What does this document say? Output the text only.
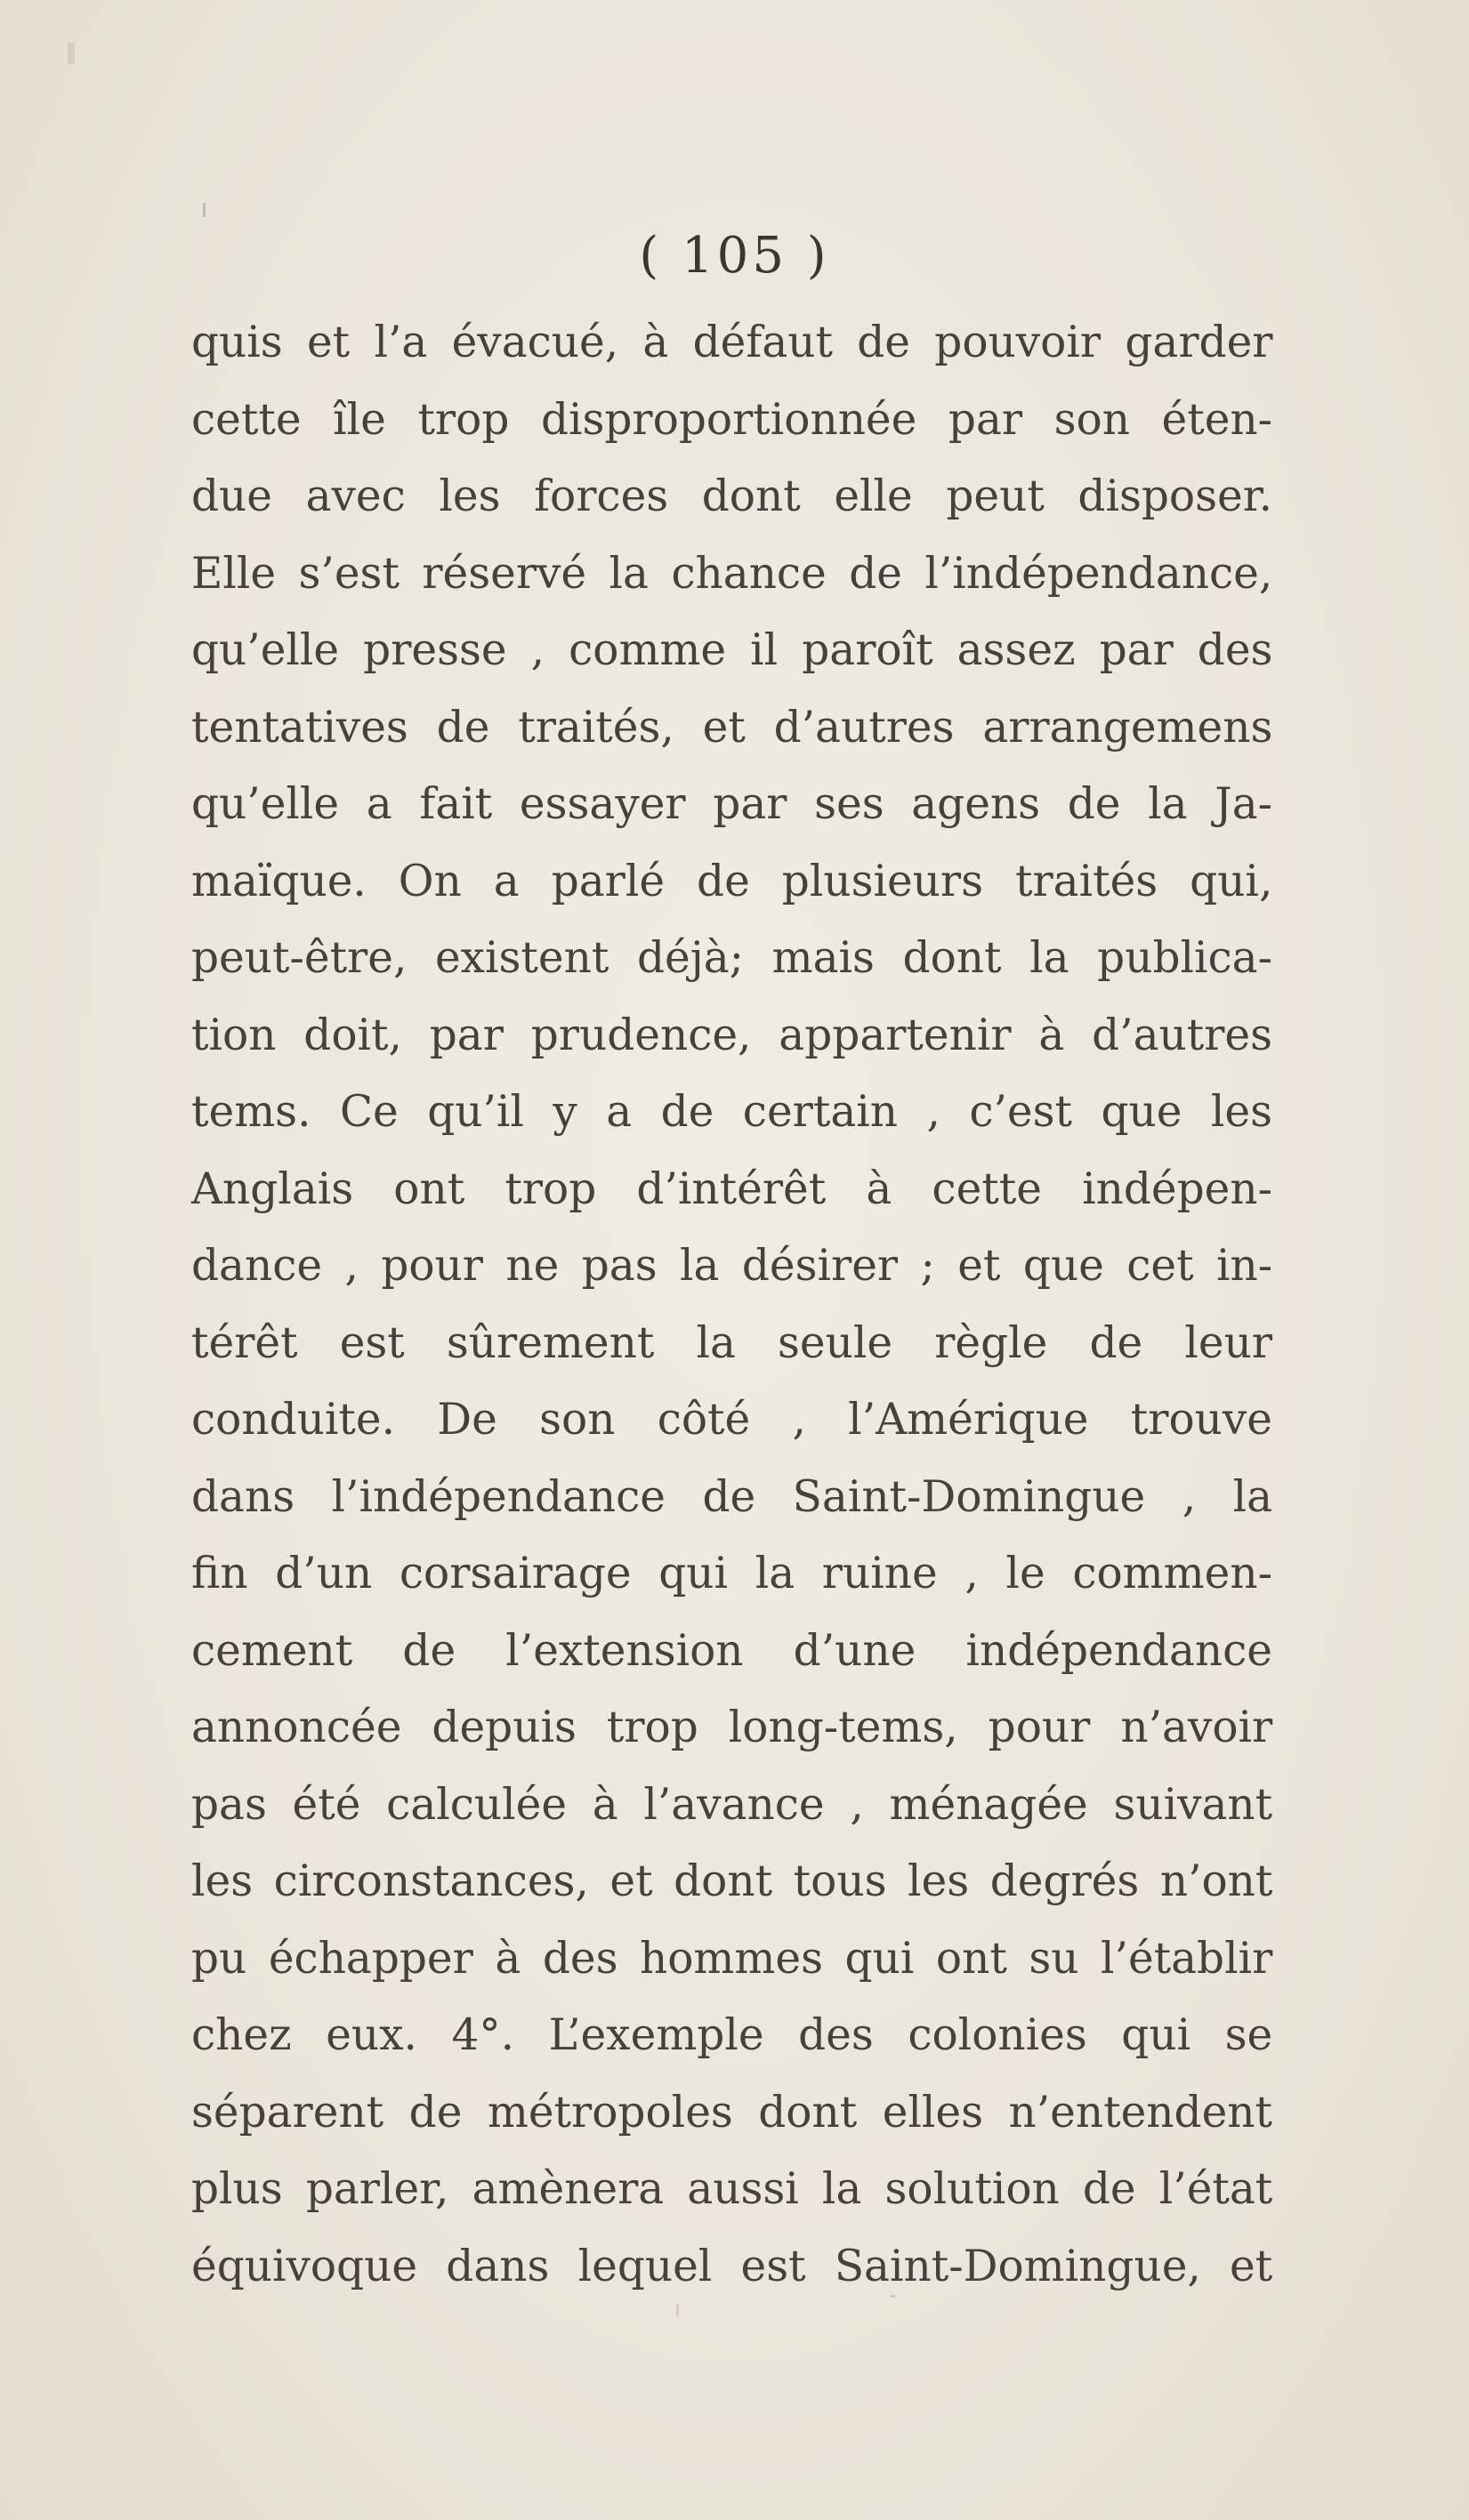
( 105 )
quis et l’a évacué, à défaut de pouvoir garder
cette île trop disproportionnée par son éten-
due avec les forces dont elle peut disposer.
Elle s’est réservé la chance de l’indépendance,
qu’elle presse , comme il paroît assez par des
tentatives de traités, et d’autres arrangemens
qu’elle a fait essayer par ses agens de la Ja-
maïque. On a parlé de plusieurs traités qui,
peut-être, existent déjà; mais dont la publica-
tion doit, par prudence, appartenir à d’autres
tems. Ce qu’il y a de certain , c’est que les
Anglais ont trop d’intérêt à cette indépen-
dance , pour ne pas la désirer ; et que cet in-
térêt est sûrement la seule règle de leur
conduite. De son côté , l’Amérique trouve
dans l’indépendance de Saint-Domingue , la
fin d’un corsairage qui la ruine , le commen-
cement de l’extension d’une indépendance
annoncée depuis trop long-tems, pour n’avoir
pas été calculée à l’avance , ménagée suivant
les circonstances, et dont tous les degrés n’ont
pu échapper à des hommes qui ont su l’établir
chez eux. 4°. L’exemple des colonies qui se
séparent de métropoles dont elles n’entendent
plus parler, amènera aussi la solution de l’état
équivoque dans lequel est Saint-Domingue, et
